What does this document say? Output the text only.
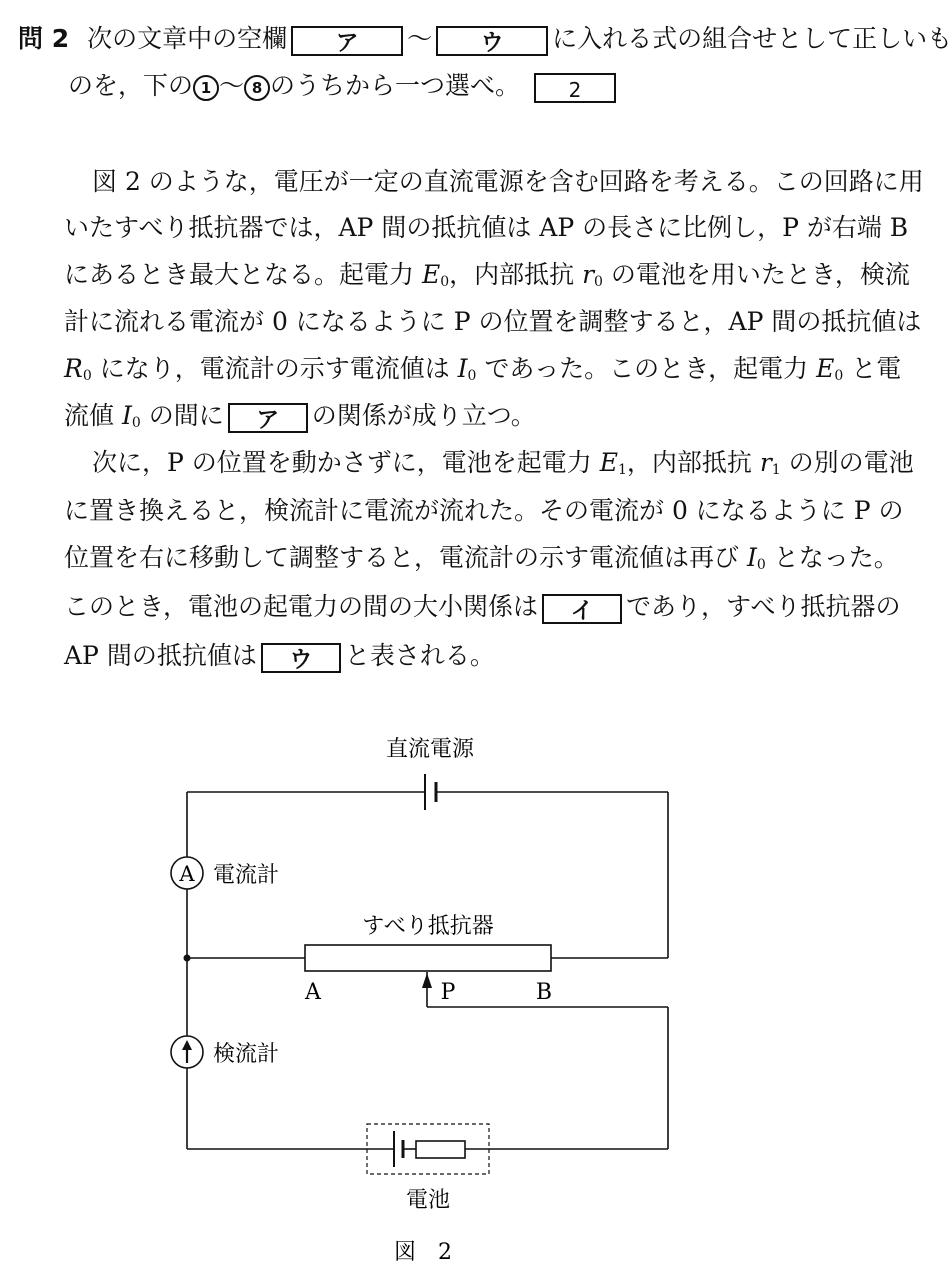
問 2 次の文章中の空欄 ア 〜 ウ に入れる式の組合せとして正しいも
のを，下の 1 〜 8 のうちから一つ選べ。 2
図 2 のような，電圧が一定の直流電源を含む回路を考える。この回路に用
いたすべり抵抗器では，AP 間の抵抗値は AP の長さに比例し，P が右端 B
にあるとき最大となる。起電力 $E_0$，内部抵抗 $r_0$ の電池を用いたとき，検流
計に流れる電流が 0 になるように P の位置を調整すると，AP 間の抵抗値は
$R_0$ になり，電流計の示す電流値は $I_0$ であった。このとき，起電力 $E_0$ と電
流値 $I_0$ の間に ア の関係が成り立つ。
次に，P の位置を動かさずに，電池を起電力 $E_1$，内部抵抗 $r_1$ の別の電池
に置き換えると，検流計に電流が流れた。その電流が 0 になるように P の
位置を右に移動して調整すると，電流計の示す電流値は再び $I_0$ となった。
このとき，電池の起電力の間の大小関係は イ であり，すべり抵抗器の
AP 間の抵抗値は ウ と表される。
直流電源
A 電流計
すべり抵抗器
A	P	B
検流計
電池
図　2
